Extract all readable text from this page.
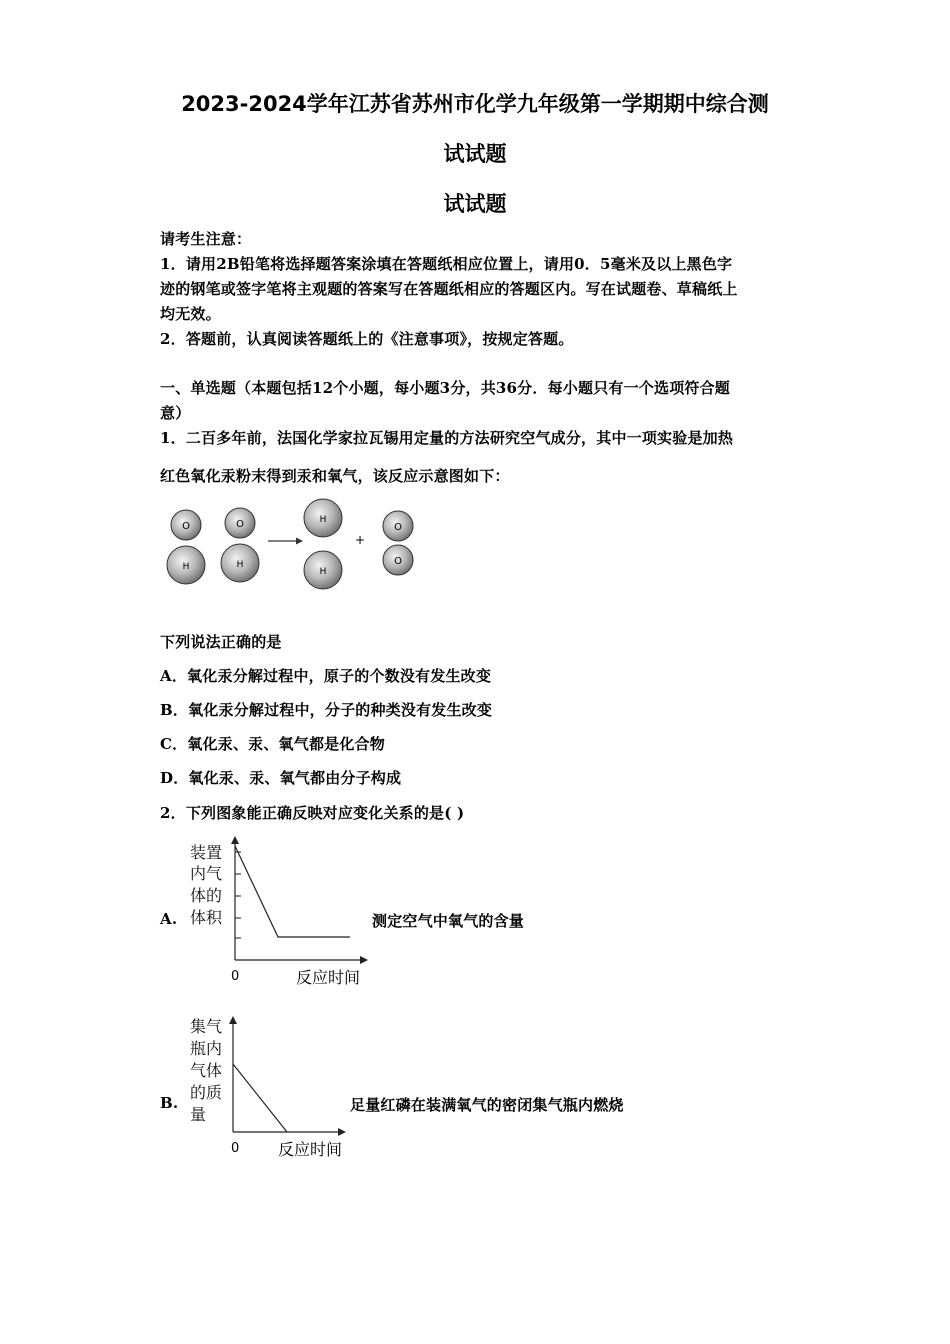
2023-2024学年江苏省苏州市化学九年级第一学期期中综合测
试试题
试试题
请考生注意：
1．请用2B铅笔将选择题答案涂填在答题纸相应位置上，请用0．5毫米及以上黑色字
迹的钢笔或签字笔将主观题的答案写在答题纸相应的答题区内。写在试题卷、草稿纸上
均无效。
2．答题前，认真阅读答题纸上的《注意事项》，按规定答题。
一、单选题（本题包括12个小题，每小题3分，共36分．每小题只有一个选项符合题
意）
1．二百多年前，法国化学家拉瓦锡用定量的方法研究空气成分，其中一项实验是加热
红色氧化汞粉末得到汞和氧气，该反应示意图如下：
O
H
O
H
H
H
+
O
O
下列说法正确的是
A．氧化汞分解过程中，原子的个数没有发生改变
B．氧化汞分解过程中，分子的种类没有发生改变
C．氧化汞、汞、氧气都是化合物
D．氧化汞、汞、氧气都由分子构成
2．下列图象能正确反映对应变化关系的是( )
A.
装置
内气
体的
体积
0	反应时间
测定空气中氧气的含量
B.
集气
瓶内
气体
的质
量
0 反应时间
足量红磷在装满氧气的密闭集气瓶内燃烧
